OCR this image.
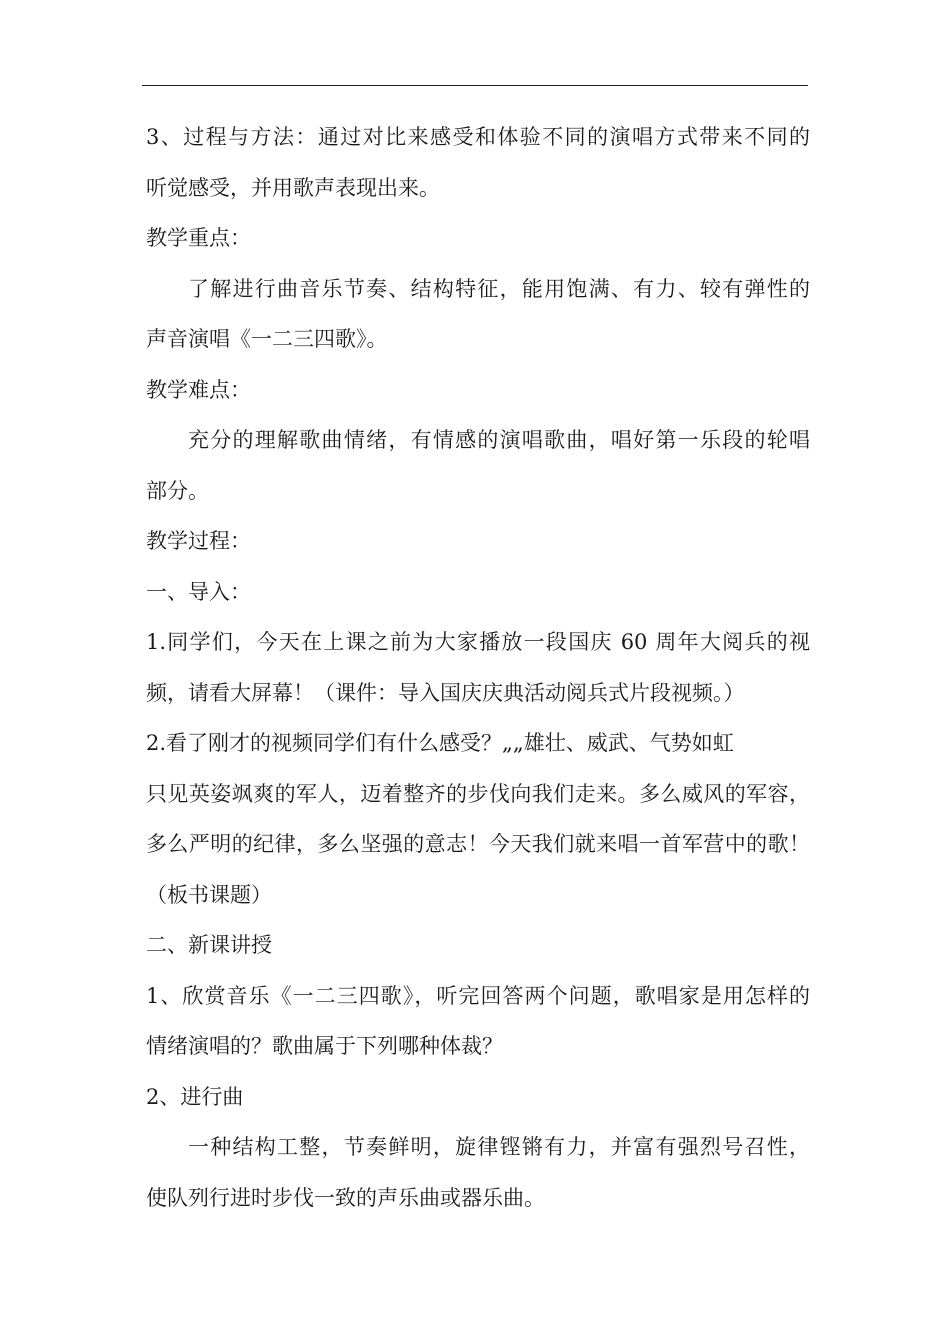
3、过程与方法：通过对比来感受和体验不同的演唱方式带来不同的

听觉感受，并用歌声表现出来。

教学重点：

了解进行曲音乐节奏、结构特征，能用饱满、有力、较有弹性的

声音演唱《一二三四歌》。

教学难点：

充分的理解歌曲情绪，有情感的演唱歌曲，唱好第一乐段的轮唱

部分。

教学过程：

一、导入：

1.同学们，今天在上课之前为大家播放一段国庆 60 周年大阅兵的视

频，请看大屏幕！（课件：导入国庆庆典活动阅兵式片段视频。）

2.看了刚才的视频同学们有什么感受？„„雄壮、威武、气势如虹

只见英姿飒爽的军人，迈着整齐的步伐向我们走来。多么威风的军容，

多么严明的纪律，多么坚强的意志！今天我们就来唱一首军营中的歌！

（板书课题）

二、新课讲授

1、欣赏音乐《一二三四歌》，听完回答两个问题，歌唱家是用怎样的

情绪演唱的？歌曲属于下列哪种体裁？

2、进行曲

一种结构工整，节奏鲜明，旋律铿锵有力，并富有强烈号召性，

使队列行进时步伐一致的声乐曲或器乐曲。
